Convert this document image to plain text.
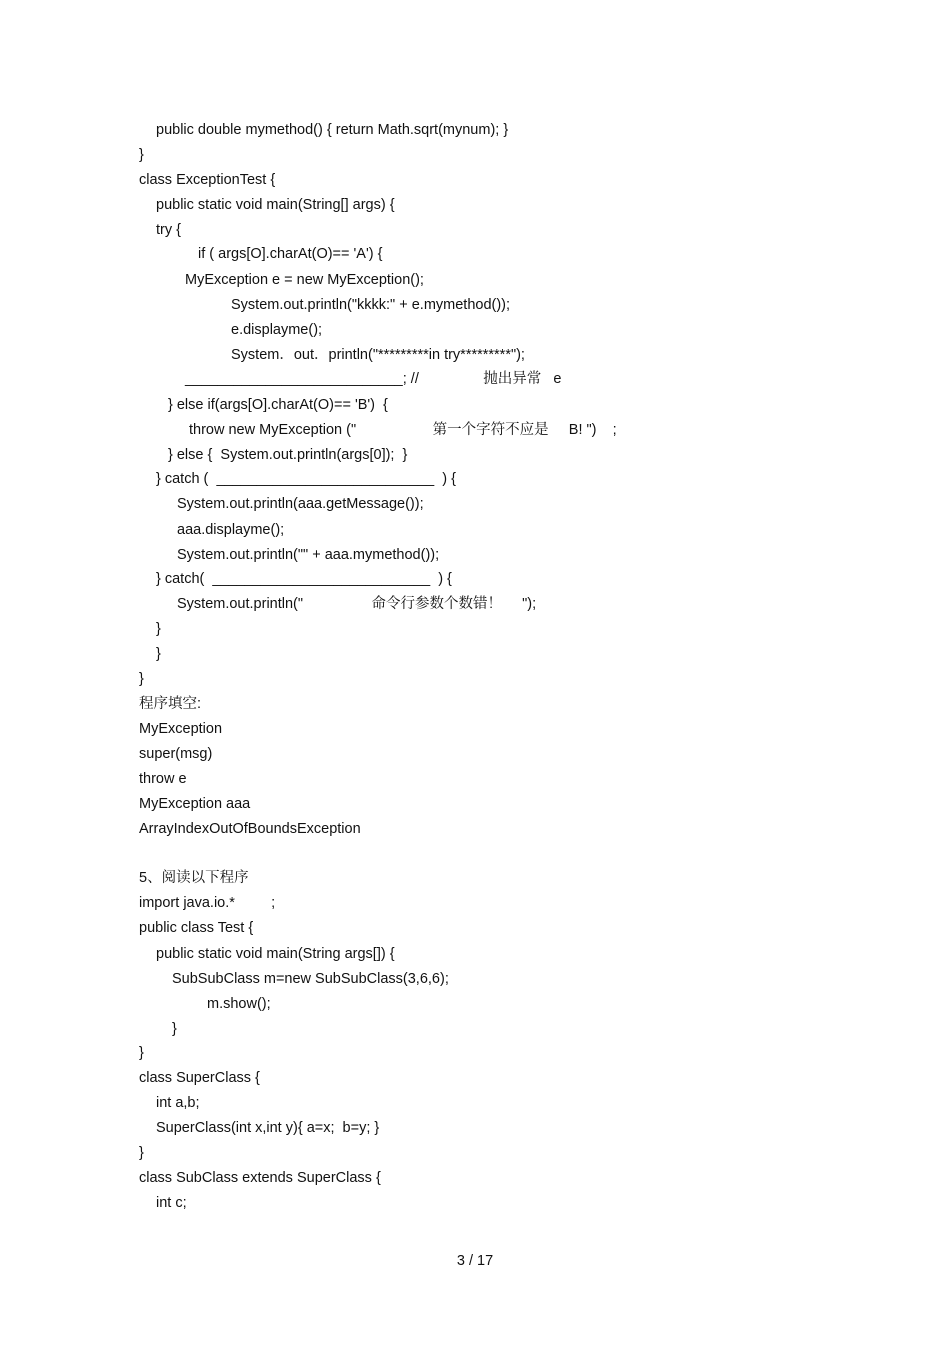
public double mymethod() { return Math.sqrt(mynum); }
}
class ExceptionTest {
public static void main(String[] args) {
try {
if ( args[O].charAt(O)== 'A') {
MyException e = new MyException();
System.out.println("kkkk:" + e.mymethod());
e.displayme();
System．out．println("*********in try*********");
___________________________; //                抛出异常   e
} else if(args[O].charAt(O)== 'B')  {
throw new MyException ("                   第一个字符不应是     B! ")    ;
} else {  System.out.println(args[0]);  }
} catch (  ___________________________  ) {
System.out.println(aaa.getMessage());
aaa.displayme();
System.out.println("" + aaa.mymethod());
} catch(  ___________________________  ) {
System.out.println("                 命令行参数个数错！     ");
}
}
}
程序填空:
MyException
super(msg)
throw e
MyException aaa
ArrayIndexOutOfBoundsException
5、阅读以下程序
import java.io.*         ;
public class Test {
public static void main(String args[]) {
SubSubClass m=new SubSubClass(3,6,6);
m.show();
}
}
class SuperClass {
int a,b;
SuperClass(int x,int y){ a=x;  b=y; }
}
class SubClass extends SuperClass {
int c;
3 / 17
